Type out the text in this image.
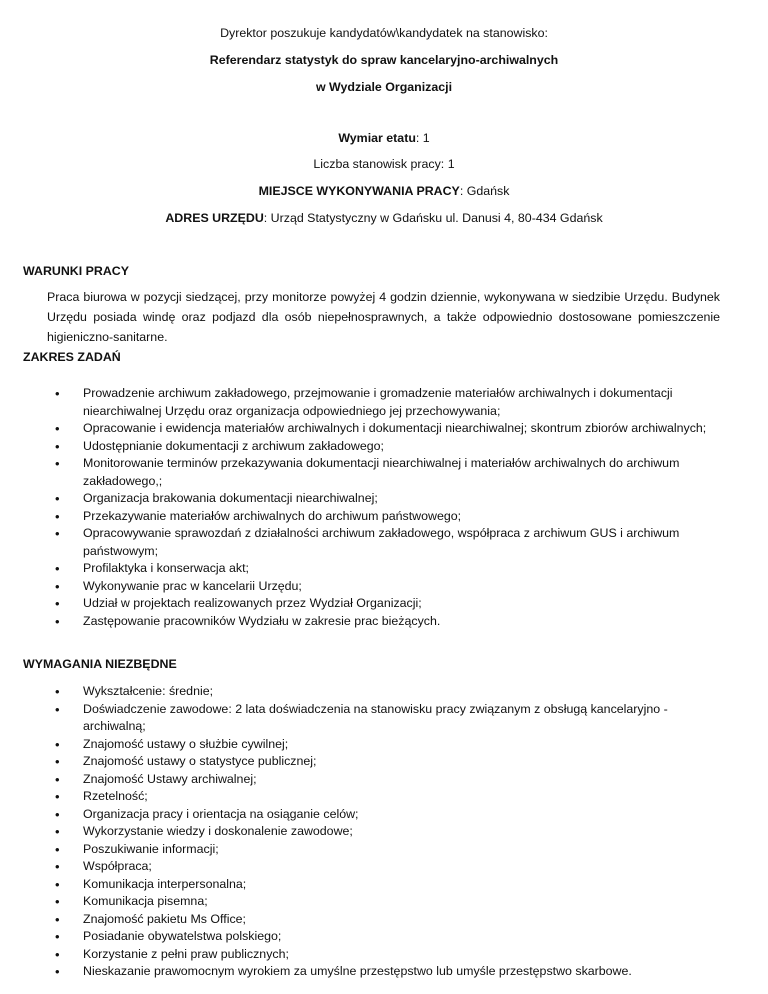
Dyrektor poszukuje kandydatów\kandydatek na stanowisko:
Referendarz statystyk do spraw kancelaryjno-archiwalnych
w Wydziale Organizacji
Wymiar etatu: 1
Liczba stanowisk pracy: 1
MIEJSCE WYKONYWANIA PRACY: Gdańsk
ADRES URZĘDU: Urząd Statystyczny w Gdańsku ul. Danusi 4, 80-434 Gdańsk
WARUNKI PRACY
Praca biurowa w pozycji siedzącej, przy monitorze powyżej 4 godzin dziennie, wykonywana w siedzibie Urzędu. Budynek Urzędu posiada windę oraz podjazd dla osób niepełnosprawnych, a także odpowiednio dostosowane pomieszczenie higieniczno-sanitarne.
ZAKRES ZADAŃ
• Prowadzenie archiwum zakładowego, przejmowanie i gromadzenie materiałów archiwalnych i dokumentacji niearchiwalnej Urzędu oraz organizacja odpowiedniego jej przechowywania;
• Opracowanie i ewidencja materiałów archiwalnych i dokumentacji niearchiwalnej; skontrum zbiorów archiwalnych;
• Udostępnianie dokumentacji z archiwum zakładowego;
• Monitorowanie terminów przekazywania dokumentacji niearchiwalnej i materiałów archiwalnych do archiwum zakładowego,;
• Organizacja brakowania dokumentacji niearchiwalnej;
• Przekazywanie materiałów archiwalnych do archiwum państwowego;
• Opracowywanie sprawozdań z działalności archiwum zakładowego, współpraca z archiwum GUS i archiwum państwowym;
• Profilaktyka i konserwacja akt;
• Wykonywanie prac w kancelarii Urzędu;
• Udział w projektach realizowanych przez Wydział Organizacji;
• Zastępowanie pracowników Wydziału w zakresie prac bieżących.
WYMAGANIA NIEZBĘDNE
• Wykształcenie: średnie;
• Doświadczenie zawodowe: 2 lata doświadczenia na stanowisku pracy związanym z obsługą kancelaryjno -archiwalną;
• Znajomość ustawy o służbie cywilnej;
• Znajomość ustawy o statystyce publicznej;
• Znajomość Ustawy archiwalnej;
• Rzetelność;
• Organizacja pracy i orientacja na osiąganie celów;
• Wykorzystanie wiedzy i doskonalenie zawodowe;
• Poszukiwanie informacji;
• Współpraca;
• Komunikacja interpersonalna;
• Komunikacja pisemna;
• Znajomość pakietu Ms Office;
• Posiadanie obywatelstwa polskiego;
• Korzystanie z pełni praw publicznych;
• Nieskazanie prawomocnym wyrokiem za umyślne przestępstwo lub umyśle przestępstwo skarbowe.
